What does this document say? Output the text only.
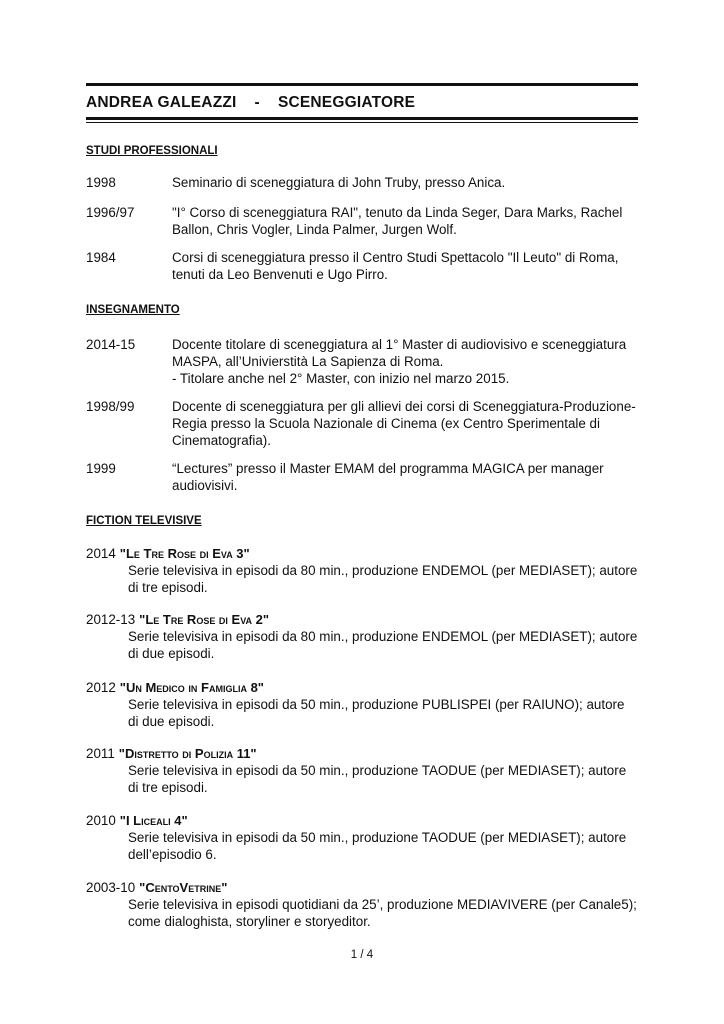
ANDREA GALEAZZI    -    SCENEGGIATORE
STUDI PROFESSIONALI
1998	Seminario di sceneggiatura di John Truby, presso Anica.
1996/97	"I° Corso di sceneggiatura RAI", tenuto da Linda Seger, Dara Marks, Rachel Ballon, Chris Vogler, Linda Palmer, Jurgen Wolf.
1984	Corsi di sceneggiatura presso il Centro Studi Spettacolo "Il Leuto" di Roma, tenuti da Leo Benvenuti e Ugo Pirro.
INSEGNAMENTO
2014-15	Docente titolare di sceneggiatura al 1° Master di audiovisivo e sceneggiatura MASPA, all’Univierstità La Sapienza di Roma.
- Titolare anche nel 2° Master, con inizio nel marzo 2015.
1998/99	Docente di sceneggiatura per gli allievi dei corsi di Sceneggiatura-Produzione-Regia presso la Scuola Nazionale di Cinema (ex Centro Sperimentale di Cinematografia).
1999	“Lectures” presso il Master EMAM del programma MAGICA per manager audiovisivi.
FICTION TELEVISIVE
2014 "Le Tre Rose di Eva 3"
Serie televisiva in episodi da 80 min., produzione ENDEMOL (per MEDIASET); autore di tre episodi.
2012-13 "Le Tre Rose di Eva 2"
Serie televisiva in episodi da 80 min., produzione ENDEMOL (per MEDIASET); autore di due episodi.
2012 "Un Medico in Famiglia 8"
Serie televisiva in episodi da 50 min., produzione PUBLISPEI (per RAIUNO); autore di due episodi.
2011 "Distretto di Polizia 11"
Serie televisiva in episodi da 50 min., produzione TAODUE (per MEDIASET); autore di tre episodi.
2010 "I Liceali 4"
Serie televisiva in episodi da 50 min., produzione TAODUE (per MEDIASET); autore dell’episodio 6.
2003-10 "CentoVetrine"
Serie televisiva in episodi quotidiani da 25’, produzione MEDIAVIVERE (per Canale5); come dialoghista, storyliner e storyeditor.
1 / 4
